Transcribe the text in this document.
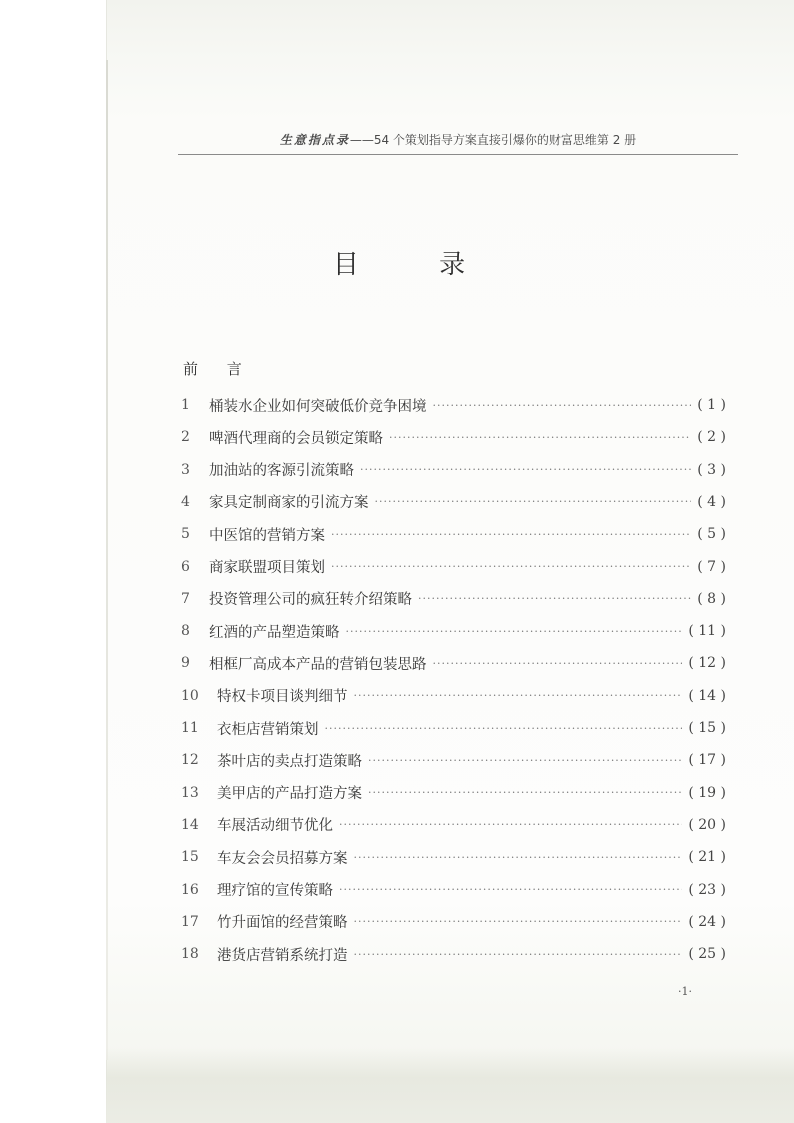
生意指点录——54 个策划指导方案直接引爆你的财富思维第 2 册
目 录
前 言
1	桶装水企业如何突破低价竞争困境 ·····	( 1 )
2	啤酒代理商的会员锁定策略 ·····	( 2 )
3	加油站的客源引流策略 ·····	( 3 )
4	家具定制商家的引流方案 ·····	( 4 )
5	中医馆的营销方案 ·····	( 5 )
6	商家联盟项目策划 ·····	( 7 )
7	投资管理公司的疯狂转介绍策略 ·····	( 8 )
8	红酒的产品塑造策略 ·····	( 11 )
9	相框厂高成本产品的营销包装思路 ·····	( 12 )
10	特权卡项目谈判细节 ·····	( 14 )
11	衣柜店营销策划 ·····	( 15 )
12	茶叶店的卖点打造策略 ·····	( 17 )
13	美甲店的产品打造方案 ·····	( 19 )
14	车展活动细节优化 ·····	( 20 )
15	车友会会员招募方案 ·····	( 21 )
16	理疗馆的宣传策略 ·····	( 23 )
17	竹升面馆的经营策略 ·····	( 24 )
18	港货店营销系统打造 ·····	( 25 )
·1·
